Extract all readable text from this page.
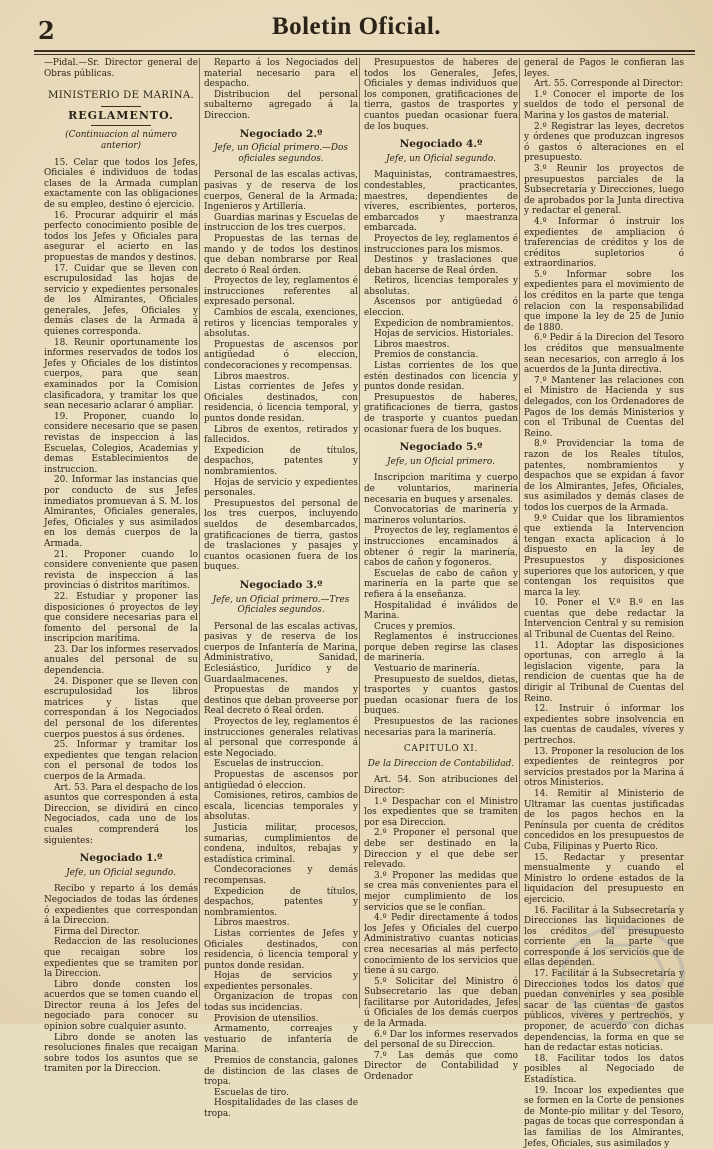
2	Boletin Oficial.

—Pidal.—Sr. Director general de Obras públicas.

MINISTERIO DE MARINA.

REGLAMENTO.

(Continuacion al número anterior)

15. Celar que todos los Jefes, Oficiales é individuos de todas clases de la Armada cumplan exactamente con las obligaciones de su empleo, destino ó ejercicio.

16. Procurar adquirir el más perfecto conocimiento posible de todos los Jefes y Oficiales para asegurar el acierto en las propuestas de mandos y destinos.

17. Cuidar que se lleven con escrupulosidad las hojas de servicio y expedientes personales de los Almirantes, Oficiales generales, Jefes, Oficiales y demás clases de la Armada á quienes corresponda.

18. Reunir oportunamente los informes reservados de todos los Jefes y Oficiales de los distintos cuerpos, para que sean examinados por la Comision clasificadora, y tramitar los que sean necesario aclarar ó ampliar.

19. Proponer, cuando lo considere necesario que se pasen revistas de inspeccion á las Escuelas, Colegios, Academias y demas Establecimientos de instruccion.

20. Informar las instancias que por conducto de sus Jefes inmediatos promuevan á S. M. los Almirantes, Oficiales generales, Jefes, Oficiales y sus asimilados en los demás cuerpos de la Armada.

21. Proponer cuando lo considere conveniente que pasen revista de inspeccion á las provincias ó distritos marítimos.

22. Estudiar y proponer las disposiciones ó proyectos de ley que considere necesarias para el fomento del personal de la inscripcion marítima.

23. Dar los informes reservados anuales del personal de su dependencia.

24. Disponer que se lleven con escrupulosidad los libros matrices y listas que correspondan á los Negociados del personal de los diferentes cuerpos puestos á sus órdenes.

25. Informar y tramitar los expedientes que tengan relacion con el personal de todos los cuerpos de la Armada.

Art. 53. Para el despacho de los asuntos que corresponden á esta Direccion, se dividirá en cinco Negociados, cada uno de los cuales comprenderá los siguientes:

Negociado 1.º

Jefe, un Oficial segundo.

Recibo y reparto á los demás Negociados de todas las órdenes ó expedientes que correspondan á la Direccion.

Firma del Director.

Redaccion de las resoluciones que recaigan sobre los expedientes que se tramiten por la Direccion.

Libro donde consten los acuerdos que se tomen cuando el Director reuna á los Jefes de negociado para conocer su opinion sobre cualquier asunto.

Libro donde se anoten las resoluciones finales que recaigan sobre todos los asuntos que se tramiten por la Direccion.

Reparto á los Negociados del material necesario para el despacho.

Distribucion del personal subalterno agregado á la Direccion.

Negociado 2.º

Jefe, un Oficial primero.—Dos oficiales segundos.

Personal de las escalas activas, pasivas y de reserva de los cuerpos, General de la Armada; Ingenieros y Artillería.

Guardias marinas y Escuelas de instruccion de los tres cuerpos.

Propuestas de las ternas de mando y de todos los destinos que deban nombrarse por Real decreto ó Real órden.

Proyectos de ley, reglamentos é instrucciones referentes al expresado personal.

Cambios de escala, exenciones, retiros y licencias temporales y absolutas.

Propuestas de ascensos por antigüedad ó eleccion, condecoraciones y recompensas.

Libros maestros.

Listas corrientes de Jefes y Oficiales destinados, con residencia, ó licencia temporal, y puntos donde residan.

Libros de exentos, retirados y fallecidos.

Expedicion de títulos, despachos, patentes y nombramientos.

Hojas de servicio y expedientes personales.

Presupuestos del personal de los tres cuerpos, incluyendo sueldos de desembarcados, gratificaciones de tierra, gastos de traslaciones y pasajes y cuantos ocasionen fuera de los buques.

Negociado 3.º

Jefe, un Oficial primero.—Tres Oficiales segundos.

Personal de las escalas activas, pasivas y de reserva de los cuerpos de Infantería de Marina, Administrativo, Sanidad, Eclesiástico, Jurídico y de Guardaalmacenes.

Propuestas de mandos y destinos que deban proveerse por Real decreto ó Real órden.

Proyectos de ley, reglamentos é instrucciones generales relativas al personal que corresponde á este Negociado.

Escuelas de instruccion.

Propuestas de ascensos por antigüedad ó eleccion.

Comisiones, retiros, cambios de escala, licencias temporales y absolutas.

Justicia militar, procesos, sumarias, cumplimientos de condena, indultos, rebajas y estadística criminal.

Condecoraciones y demás recompensas.

Expedicion de títulos, despachos, patentes y nombramientos.

Libros maestros.

Listas corrientes de Jefes y Oficiales destinados, con residencia, ó licencia temporal y puntos donde residan.

Hojas de servicios y expedientes personales.

Organizacion de tropas con todas sus incidencias.

Provision de utensilios.

Armamento, correajes y vestuario de infantería de Marina.

Premios de constancia, galones de distincion de las clases de tropa.

Escuelas de tiro.

Hospitalidades de las clases de tropa.

Presupuestos de haberes de todos los Generales, Jefes, Oficiales y demas individuos que los componen, gratificaciones de tierra, gastos de trasportes y cuantos puedan ocasionar fuera de los buques.

Negociado 4.º

Jefe, un Oficial segundo.

Maquinistas, contramaestres, condestables, practicantes, maestres, dependientes de víveres, escribientes, porteros, embarcados y maestranza embarcada.

Proyectos de ley, reglamentos é instrucciones para los mismos.

Destinos y traslaciones que deban hacerse de Real órden.

Retiros, licencias temporales y absolutas.

Ascensos por antigüedad ó eleccion.

Expedicion de nombramientos.

Hojas de servicios. Historiales.

Libros maestros.

Premios de constancia.

Listas corrientes de los que estén destinados con licencia y puntos donde residan.

Presupuestos de haberes, gratificaciones de tierra, gastos de trasporte y cuantos puedan ocasionar fuera de los buques.

Negociado 5.º

Jefe, un Oficial primero.

Inscripcion marítima y cuerpo de voluntarios, marinería necesaria en buques y arsenales.

Convocatorias de marinería y marineros voluntarios.

Proyectos de ley, reglamentos é instrucciones encaminados á obtener ó regir la marinería, cabos de cañon y fogoneros.

Escuelas de cabo de cañon y marinería en la parte que se refiera á la enseñanza.

Hospitalidad é inválidos de Marina.

Cruces y premios.

Reglamentos é instrucciones porque deben regirse las clases de marinería.

Vestuario de marinería.

Presupuesto de sueldos, dietas, trasportes y cuantos gastos puedan ocasionar fuera de los buques.

Presupuestos de las raciones necesarias para la marinería.

CAPITULO XI.

De la Direccion de Contabilidad.

Art. 54. Son atribuciones del Director:

1.º Despachar con el Ministro los expedientes que se tramiten por esa Direccion.

2.º Proponer el personal que debe ser destinado en la Direccion y el que debe ser relevado.

3.º Proponer las medidas que se crea más convenientes para el mejor cumplimiento de los servicios que se le confían.

4.º Pedir directamente á todos los Jefes y Oficiales del cuerpo Administrativo cuantas noticias crea necesarias al más perfecto conocimiento de los servicios que tiene á su cargo.

5.º Solicitar del Ministro ó Subsecretario las que deban facilitarse por Autoridades, Jefes ú Oficiales de los demás cuerpos de la Armada.

6.º Dar los informes reservados del personal de su Direccion.

7.º Las demás que como Director de Contabilidad y Ordenador

general de Pagos le confieran las leyes.

Art. 55. Corresponde al Director:

1.º Conocer el importe de los sueldos de todo el personal de Marina y los gastos de material.

2.º Registrar las leyes, decretos y órdenes que produzcan ingresos ó gastos ó alteraciones en el presupuesto.

3.º Reunir los proyectos de presupuestos parciales de la Subsecretaría y Direcciones, luego de aprobados por la Junta directiva y redactar el general.

4.º Informar ó instruir los expedientes de ampliacion ó traferencias de créditos y los de créditos supletorios ó extraordinarios.

5.º Informar sobre los expedientes para el movimiento de los créditos en la parte que tenga relacion con la responsabilidad que impone la ley de 25 de Junio de 1880.

6.º Pedir á la Direcion del Tesoro los créditos que mensualmente sean necesarios, con arreglo á los acuerdos de la Junta directiva.

7.º Mantener las relaciones con el Ministro de Hacienda y sus delegados, con los Ordenadores de Pagos de los demás Ministerios y con el Tribunal de Cuentas del Reino.

8.º Providenciar la toma de razon de los Reales títulos, patentes, nombramientos y despachos que se expidan á favor de los Almirantes, Jefes, Oficiales, sus asimilados y demás clases de todos los cuerpos de la Armada.

9.º Cuidar que los libramientos que extienda la Intervencion tengan exacta aplicacion á lo dispuesto en la ley de Presupuestos y disposiciones superiores que los autoricen, y que contengan los requisitos que marca la ley.

10. Poner el V.º B.º en las cuentas que debe redactar la Intervencion Central y su remision al Tribunal de Cuentas del Reino.

11. Adoptar las disposiciones oportunas, con arreglo á la legislacion vigente, para la rendicion de cuentas que ha de dirigir al Tribunal de Cuentas del Reino.

12. Instruir ó informar los expedientes sobre insolvencia en las cuentas de caudales, víveres y pertrechos.

13. Proponer la resolucion de los expedientes de reintegros por servicios prestados por la Marina á otros Ministerios.

14. Remitir al Ministerio de Ultramar las cuentas justificadas de los pagos hechos en la Península por cuenta de créditos concedidos en los presupuestos de Cuba, Filipinas y Puerto Rico.

15. Redactar y presentar mensualmente y cuando el Ministro lo ordene estados de la liquidacion del presupuesto en ejercicio.

16. Facilitar á la Subsecretaría y Direcciones las liquidaciones de los créditos del presupuesto corriente en la parte que corresponde á los servicios que de ellas dependen.

17. Facilitar á la Subsecretaría y Direcciones todos los datos que puedan convenirles y sea posible sacar de las cuentas de gastos públicos, víveres y pertrechos, y proponer, de acuerdo con dichas dependencias, la forma en que se han de redactar estas noticias.

18. Facilitar todos los datos posibles al Negociado de Estadística.

19. Incoar los expedientes que se formen en la Corte de pensiones de Monte-pío militar y del Tesoro, pagas de tocas que correspondan á las familias de los Almirantes, Jefes, Oficiales, sus asimilados y
